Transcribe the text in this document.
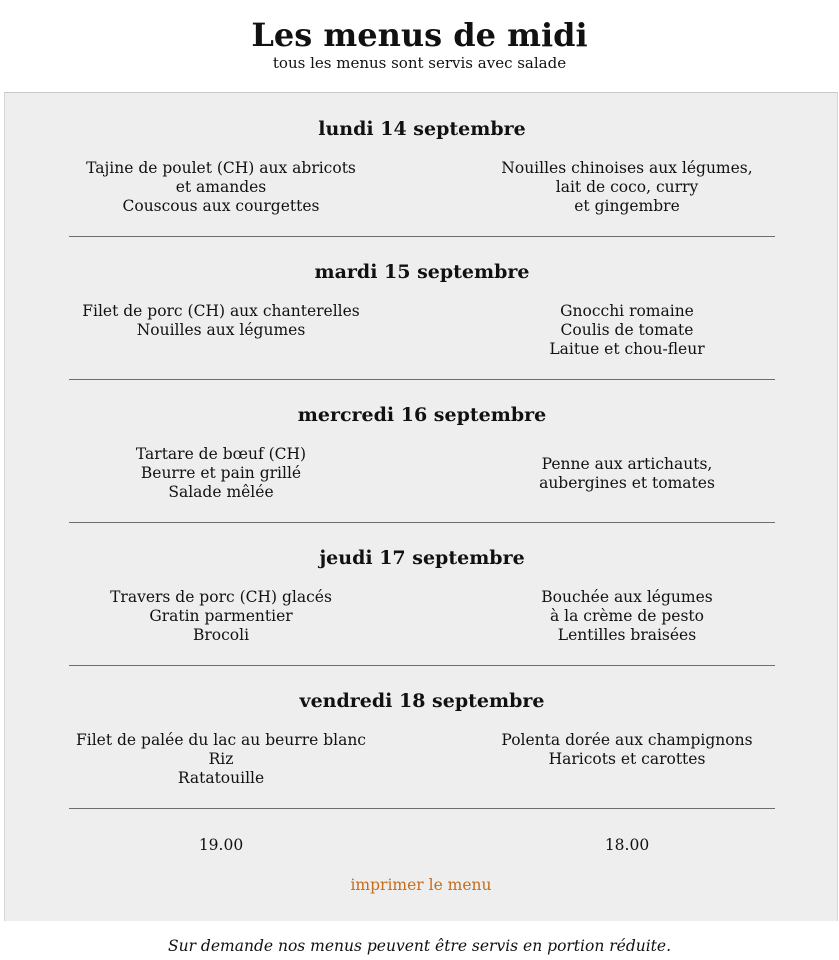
Les menus de midi
tous les menus sont servis avec salade
lundi 14 septembre
Tajine de poulet (CH) aux abricots
et amandes
Couscous aux courgettes
Nouilles chinoises aux légumes,
lait de coco, curry
et gingembre
mardi 15 septembre
Filet de porc (CH) aux chanterelles
Nouilles aux légumes
Gnocchi romaine
Coulis de tomate
Laitue et chou-fleur
mercredi 16 septembre
Tartare de bœuf (CH)
Beurre et pain grillé
Salade mêlée
Penne aux artichauts,
aubergines et tomates
jeudi 17 septembre
Travers de porc (CH) glacés
Gratin parmentier
Brocoli
Bouchée aux légumes
à la crème de pesto
Lentilles braisées
vendredi 18 septembre
Filet de palée du lac au beurre blanc
Riz
Ratatouille
Polenta dorée aux champignons
Haricots et carottes
19.00	18.00
imprimer le menu
Sur demande nos menus peuvent être servis en portion réduite.
